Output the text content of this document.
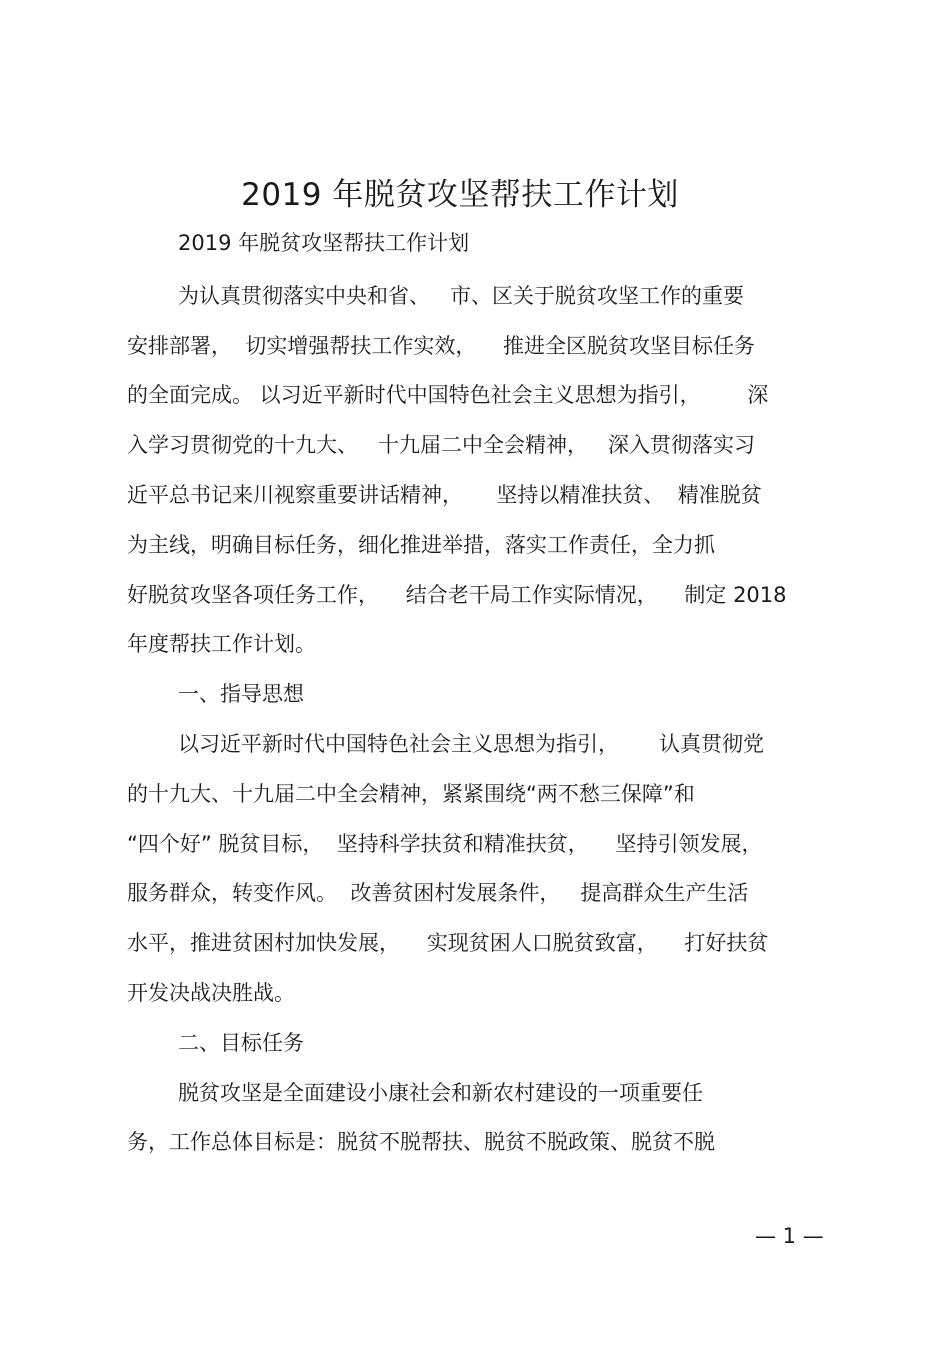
2019 年脱贫攻坚帮扶工作计划

2019 年脱贫攻坚帮扶工作计划

为认真贯彻落实中央和省、   市、区关于脱贫攻坚工作的重要

安排部署，  切实增强帮扶工作实效，    推进全区脱贫攻坚目标任务

的全面完成。 以习近平新时代中国特色社会主义思想为指引，       深

入学习贯彻党的十九大、   十九届二中全会精神，   深入贯彻落实习

近平总书记来川视察重要讲话精神，     坚持以精准扶贫、  精准脱贫

为主线，明确目标任务，细化推进举措，落实工作责任，全力抓

好脱贫攻坚各项任务工作，    结合老干局工作实际情况，    制定 2018

年度帮扶工作计划。

一、指导思想

以习近平新时代中国特色社会主义思想为指引，      认真贯彻党

的十九大、十九届二中全会精神，紧紧围绕“两不愁三保障”和

“四个好” 脱贫目标，  坚持科学扶贫和精准扶贫，    坚持引领发展，

服务群众，转变作风。  改善贫困村发展条件，   提高群众生产生活

水平，推进贫困村加快发展，    实现贫困人口脱贫致富，    打好扶贫

开发决战决胜战。

二、目标任务

脱贫攻坚是全面建设小康社会和新农村建设的一项重要任

务，工作总体目标是：脱贫不脱帮扶、脱贫不脱政策、脱贫不脱

— 1 —
